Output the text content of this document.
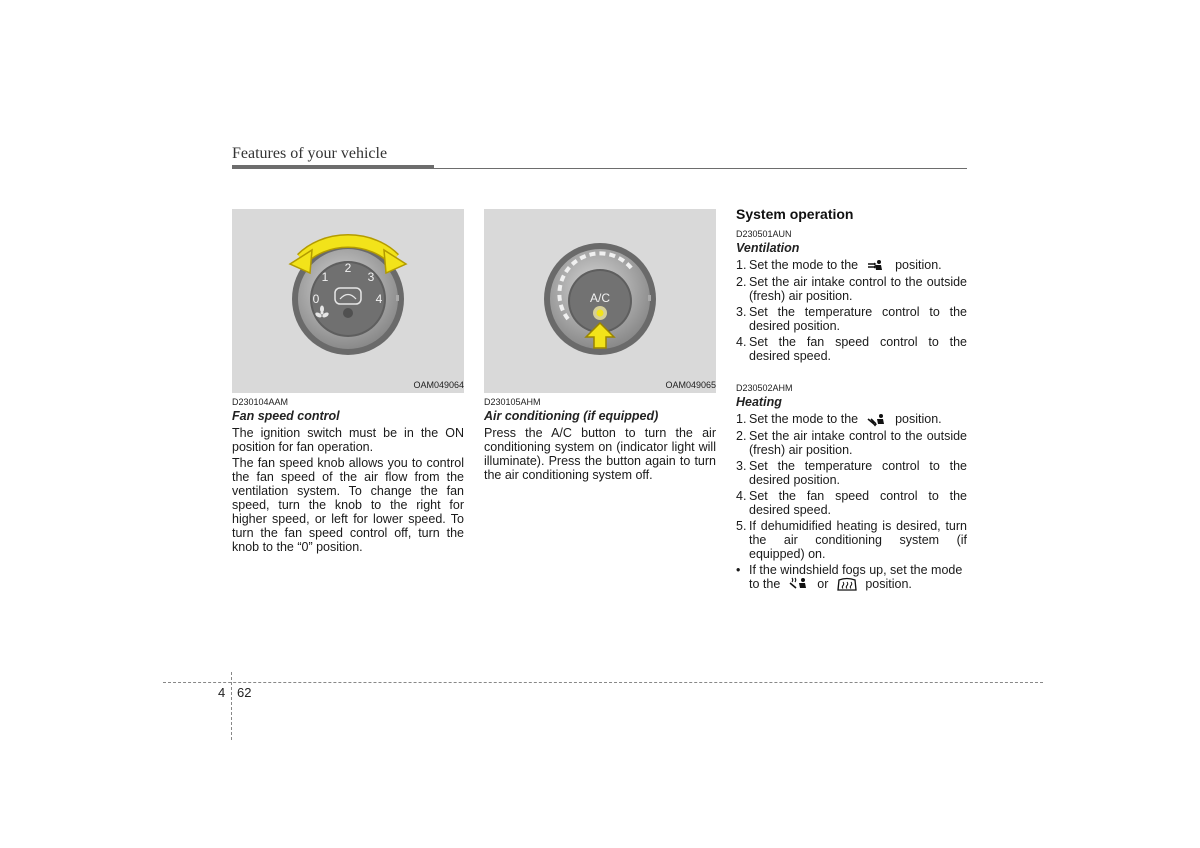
Features of your vehicle
0
1
2
3
4
OAM049064
D230104AAM
Fan speed control

The ignition switch must be in the ON position for fan operation.

The fan speed knob allows you to control the fan speed of the air flow from the ventilation system. To change the fan speed, turn the knob to the right for higher speed, or left for lower speed. To turn the fan speed control off, turn the knob to the “0” position.

A/C
OAM049065
D230105AHM
Air conditioning (if equipped)

Press the A/C button to turn the air conditioning system on (indicator light will illuminate). Press the button again to turn the air conditioning system off.

System operation
D230501AUN
Ventilation
1. Set the mode to the	position.
2. Set the air intake control to the outside (fresh) air position.
3. Set the temperature control to the desired position.
4. Set the fan speed control to the desired speed.
D230502AHM
Heating
1. Set the mode to the	position.
2. Set the air intake control to the outside (fresh) air position.
3. Set the temperature control to the desired position.
4. Set the fan speed control to the desired speed.
5. If dehumidified heating is desired, turn the air conditioning system (if equipped) on.
• If the windshield fogs up, set the mode to the	or	position.
4 62
